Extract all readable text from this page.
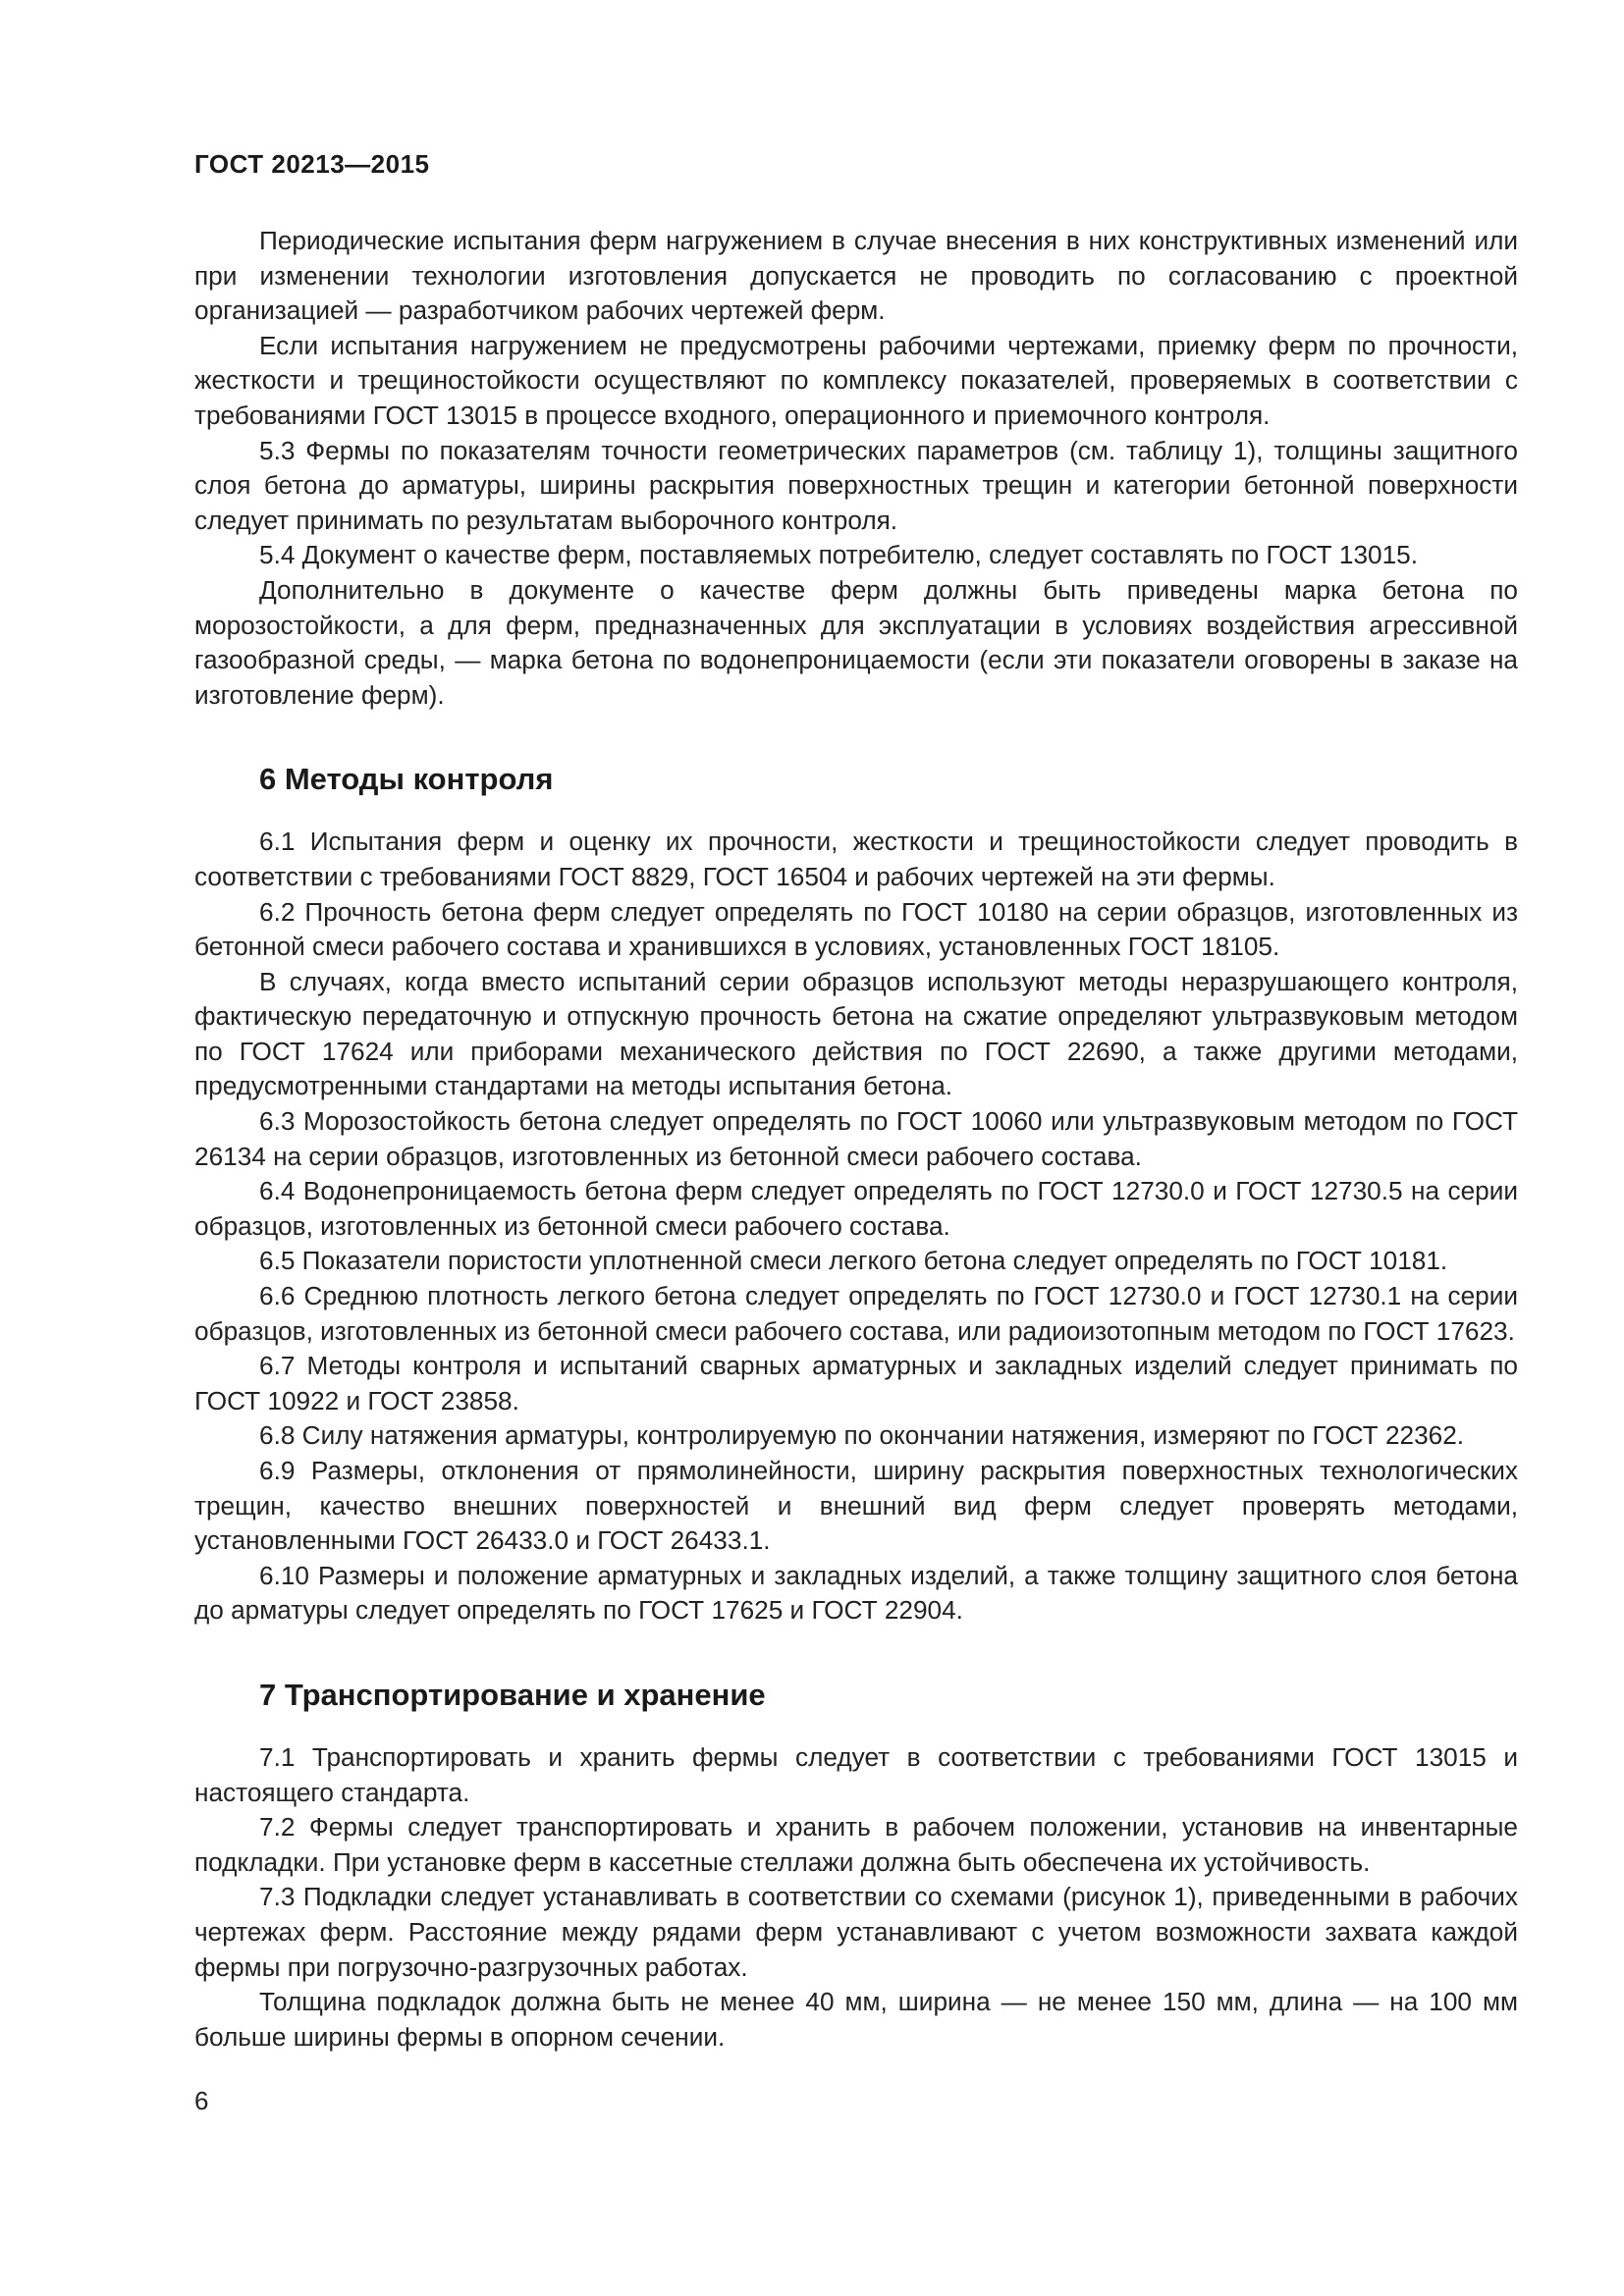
ГОСТ 20213—2015

Периодические испытания ферм нагружением в случае внесения в них конструктивных изменений или при изменении технологии изготовления допускается не проводить по согласованию с проектной организацией — разработчиком рабочих чертежей ферм.

Если испытания нагружением не предусмотрены рабочими чертежами, приемку ферм по прочности, жесткости и трещиностойкости осуществляют по комплексу показателей, проверяемых в соответствии с требованиями ГОСТ 13015 в процессе входного, операционного и приемочного контроля.

5.3 Фермы по показателям точности геометрических параметров (см. таблицу 1), толщины защитного слоя бетона до арматуры, ширины раскрытия поверхностных трещин и категории бетонной поверхности следует принимать по результатам выборочного контроля.

5.4 Документ о качестве ферм, поставляемых потребителю, следует составлять по ГОСТ 13015.

Дополнительно в документе о качестве ферм должны быть приведены марка бетона по морозостойкости, а для ферм, предназначенных для эксплуатации в условиях воздействия агрессивной газообразной среды, — марка бетона по водонепроницаемости (если эти показатели оговорены в заказе на изготовление ферм).

6 Методы контроля

6.1 Испытания ферм и оценку их прочности, жесткости и трещиностойкости следует проводить в соответствии с требованиями ГОСТ 8829, ГОСТ 16504 и рабочих чертежей на эти фермы.

6.2 Прочность бетона ферм следует определять по ГОСТ 10180 на серии образцов, изготовленных из бетонной смеси рабочего состава и хранившихся в условиях, установленных ГОСТ 18105.

В случаях, когда вместо испытаний серии образцов используют методы неразрушающего контроля, фактическую передаточную и отпускную прочность бетона на сжатие определяют ультразвуковым методом по ГОСТ 17624 или приборами механического действия по ГОСТ 22690, а также другими методами, предусмотренными стандартами на методы испытания бетона.

6.3 Морозостойкость бетона следует определять по ГОСТ 10060 или ультразвуковым методом по ГОСТ 26134 на серии образцов, изготовленных из бетонной смеси рабочего состава.

6.4 Водонепроницаемость бетона ферм следует определять по ГОСТ 12730.0 и ГОСТ 12730.5 на серии образцов, изготовленных из бетонной смеси рабочего состава.

6.5 Показатели пористости уплотненной смеси легкого бетона следует определять по ГОСТ 10181.

6.6 Среднюю плотность легкого бетона следует определять по ГОСТ 12730.0 и ГОСТ 12730.1 на серии образцов, изготовленных из бетонной смеси рабочего состава, или радиоизотопным методом по ГОСТ 17623.

6.7 Методы контроля и испытаний сварных арматурных и закладных изделий следует принимать по ГОСТ 10922 и ГОСТ 23858.

6.8 Силу натяжения арматуры, контролируемую по окончании натяжения, измеряют по ГОСТ 22362.

6.9 Размеры, отклонения от прямолинейности, ширину раскрытия поверхностных технологических трещин, качество внешних поверхностей и внешний вид ферм следует проверять методами, установленными ГОСТ 26433.0 и ГОСТ 26433.1.

6.10 Размеры и положение арматурных и закладных изделий, а также толщину защитного слоя бетона до арматуры следует определять по ГОСТ 17625 и ГОСТ 22904.

7 Транспортирование и хранение

7.1 Транспортировать и хранить фермы следует в соответствии с требованиями ГОСТ 13015 и настоящего стандарта.

7.2 Фермы следует транспортировать и хранить в рабочем положении, установив на инвентарные подкладки. При установке ферм в кассетные стеллажи должна быть обеспечена их устойчивость.

7.3 Подкладки следует устанавливать в соответствии со схемами (рисунок 1), приведенными в рабочих чертежах ферм. Расстояние между рядами ферм устанавливают с учетом возможности захвата каждой фермы при погрузочно-разгрузочных работах.

Толщина подкладок должна быть не менее 40 мм, ширина — не менее 150 мм, длина — на 100 мм больше ширины фермы в опорном сечении.

6
